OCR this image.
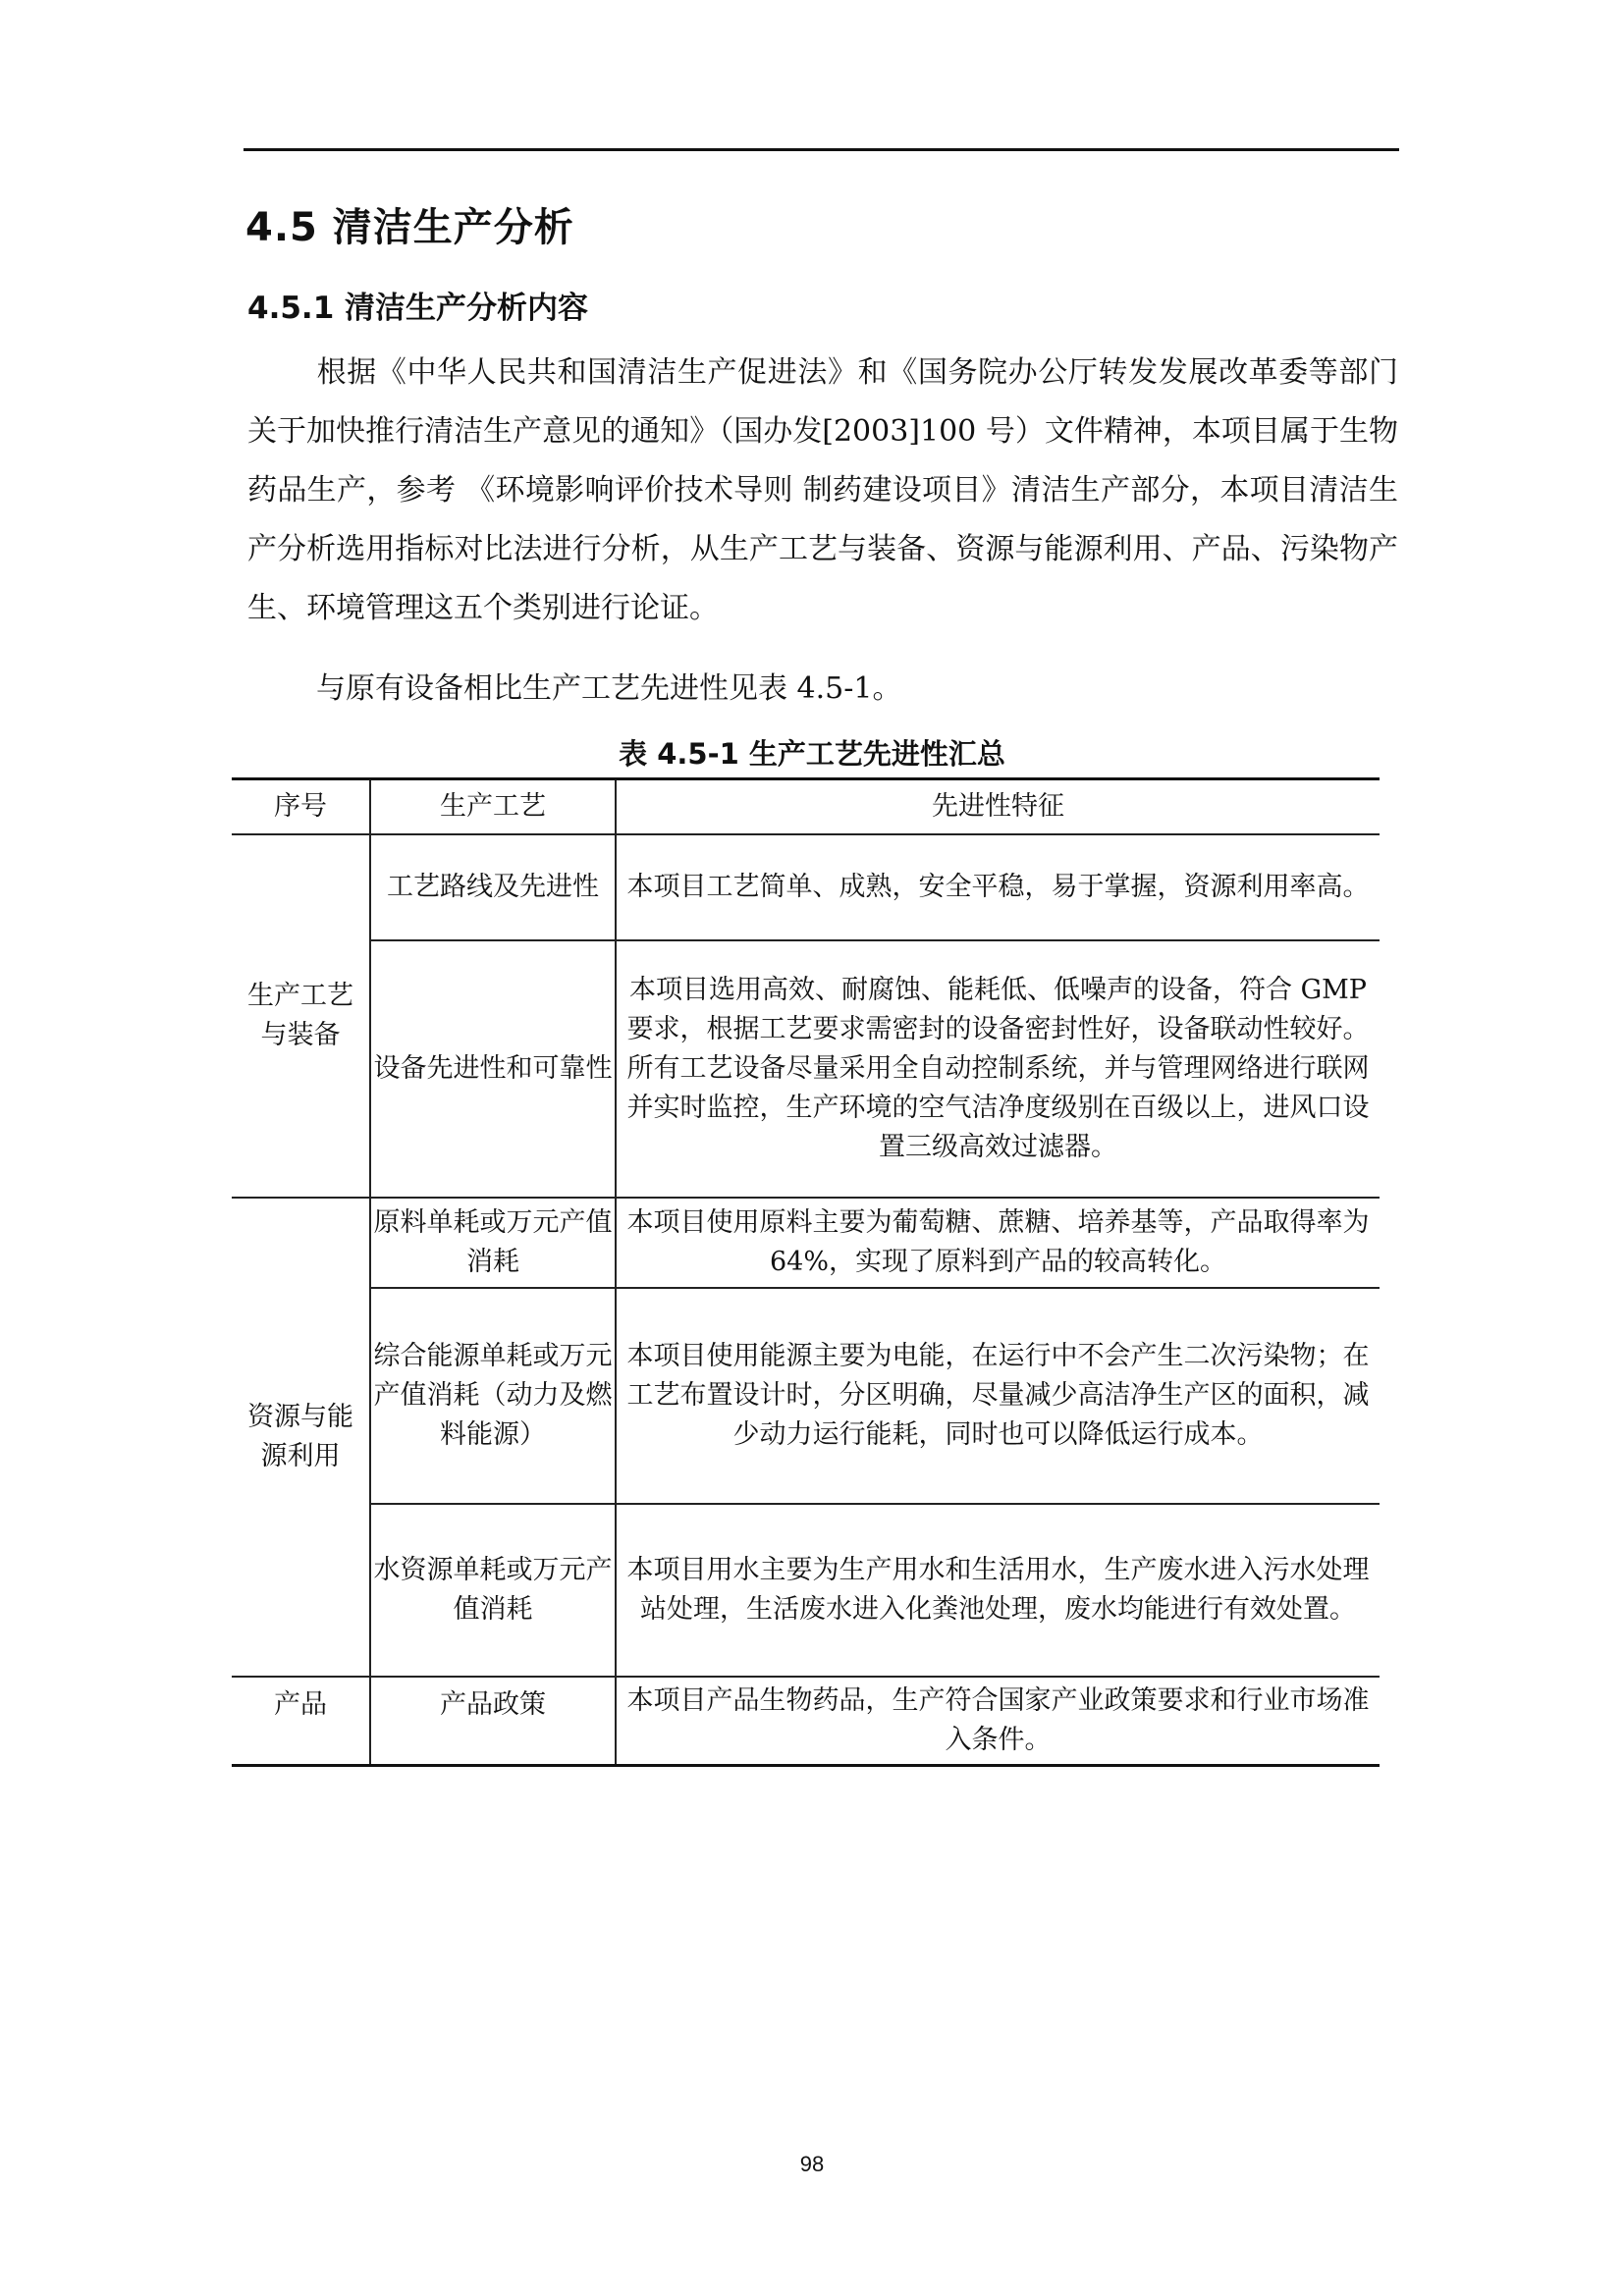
4.5 清洁生产分析
4.5.1 清洁生产分析内容

根据《中华人民共和国清洁生产促进法》和《国务院办公厅转发发展改革委等部门关于加快推行清洁生产意见的通知》（国办发[2003]100 号）文件精神，本项目属于生物药品生产，参考 《环境影响评价技术导则 制药建设项目》清洁生产部分，本项目清洁生产分析选用指标对比法进行分析，从生产工艺与装备、资源与能源利用、产品、污染物产生、环境管理这五个类别进行论证。

与原有设备相比生产工艺先进性见表 4.5-1。

表 4.5-1 生产工艺先进性汇总

序号	生产工艺	先进性特征
生产工艺与装备	工艺路线及先进性	本项目工艺简单、成熟，安全平稳，易于掌握，资源利用率高。
	设备先进性和可靠性	本项目选用高效、耐腐蚀、能耗低、低噪声的设备，符合 GMP 要求，根据工艺要求需密封的设备密封性好，设备联动性较好。所有工艺设备尽量采用全自动控制系统，并与管理网络进行联网并实时监控，生产环境的空气洁净度级别在百级以上，进风口设置三级高效过滤器。
资源与能源利用	原料单耗或万元产值消耗	本项目使用原料主要为葡萄糖、蔗糖、培养基等，产品取得率为 64%，实现了原料到产品的较高转化。
	综合能源单耗或万元产值消耗（动力及燃料能源）	本项目使用能源主要为电能，在运行中不会产生二次污染物；在工艺布置设计时，分区明确，尽量减少高洁净生产区的面积，减少动力运行能耗，同时也可以降低运行成本。
	水资源单耗或万元产值消耗	本项目用水主要为生产用水和生活用水，生产废水进入污水处理站处理，生活废水进入化粪池处理，废水均能进行有效处置。
产品	产品政策	本项目产品生物药品，生产符合国家产业政策要求和行业市场准入条件。
98
